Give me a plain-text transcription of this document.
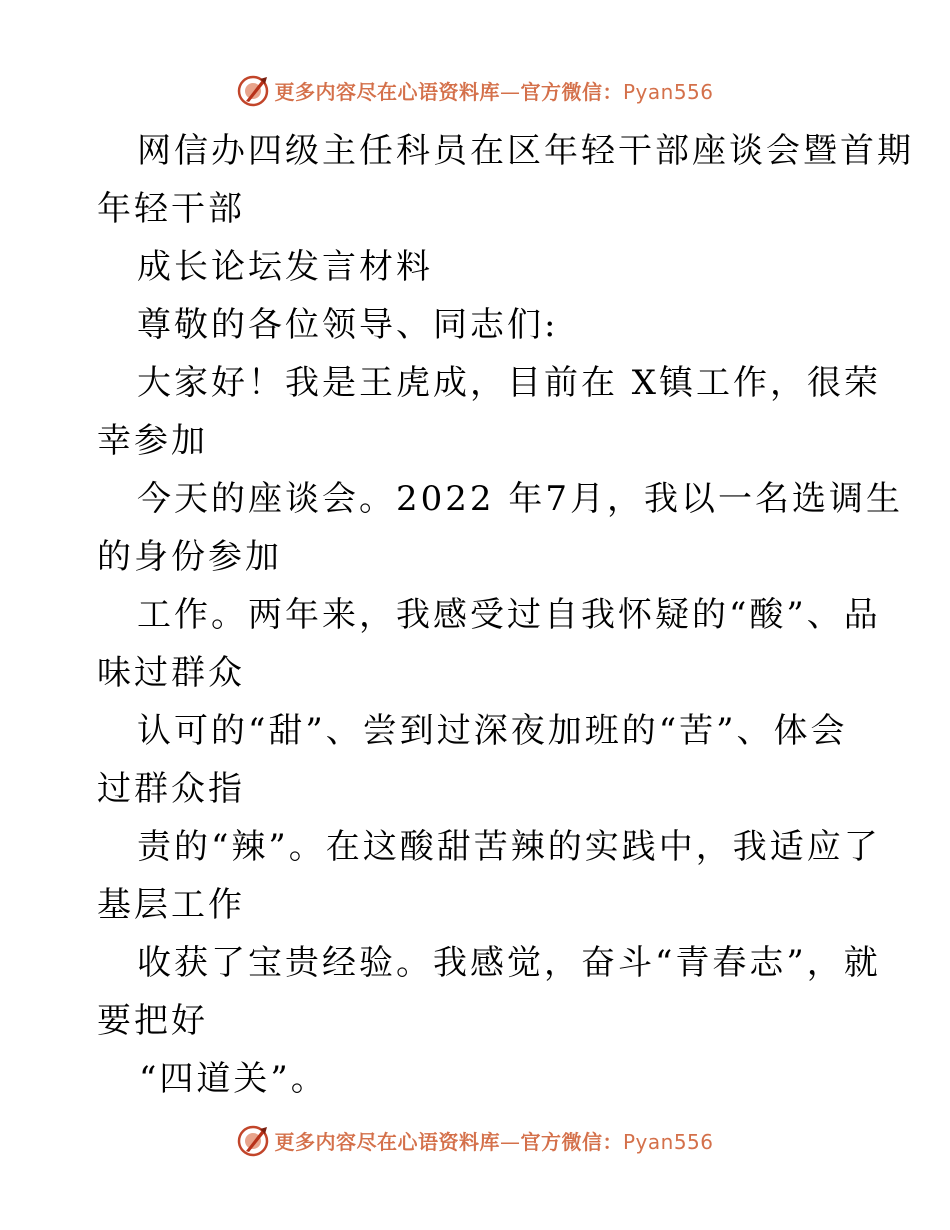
更多内容尽在心语资料库—官方微信：Pyan556
网信办四级主任科员在区年轻干部座谈会暨首期
年轻干部
成长论坛发言材料
尊敬的各位领导、同志们:
大家好！我是王虎成，目前在 X镇工作，很荣
幸参加
今天的座谈会。2022 年7月，我以一名选调生
的身份参加
工作。两年来，我感受过自我怀疑的“酸”、品
味过群众
认可的“甜”、尝到过深夜加班的“苦”、体会
过群众指
责的“辣”。在这酸甜苦辣的实践中，我适应了
基层工作
收获了宝贵经验。我感觉，奋斗“青春志”，就
要把好
“四道关”。
更多内容尽在心语资料库—官方微信：Pyan556
